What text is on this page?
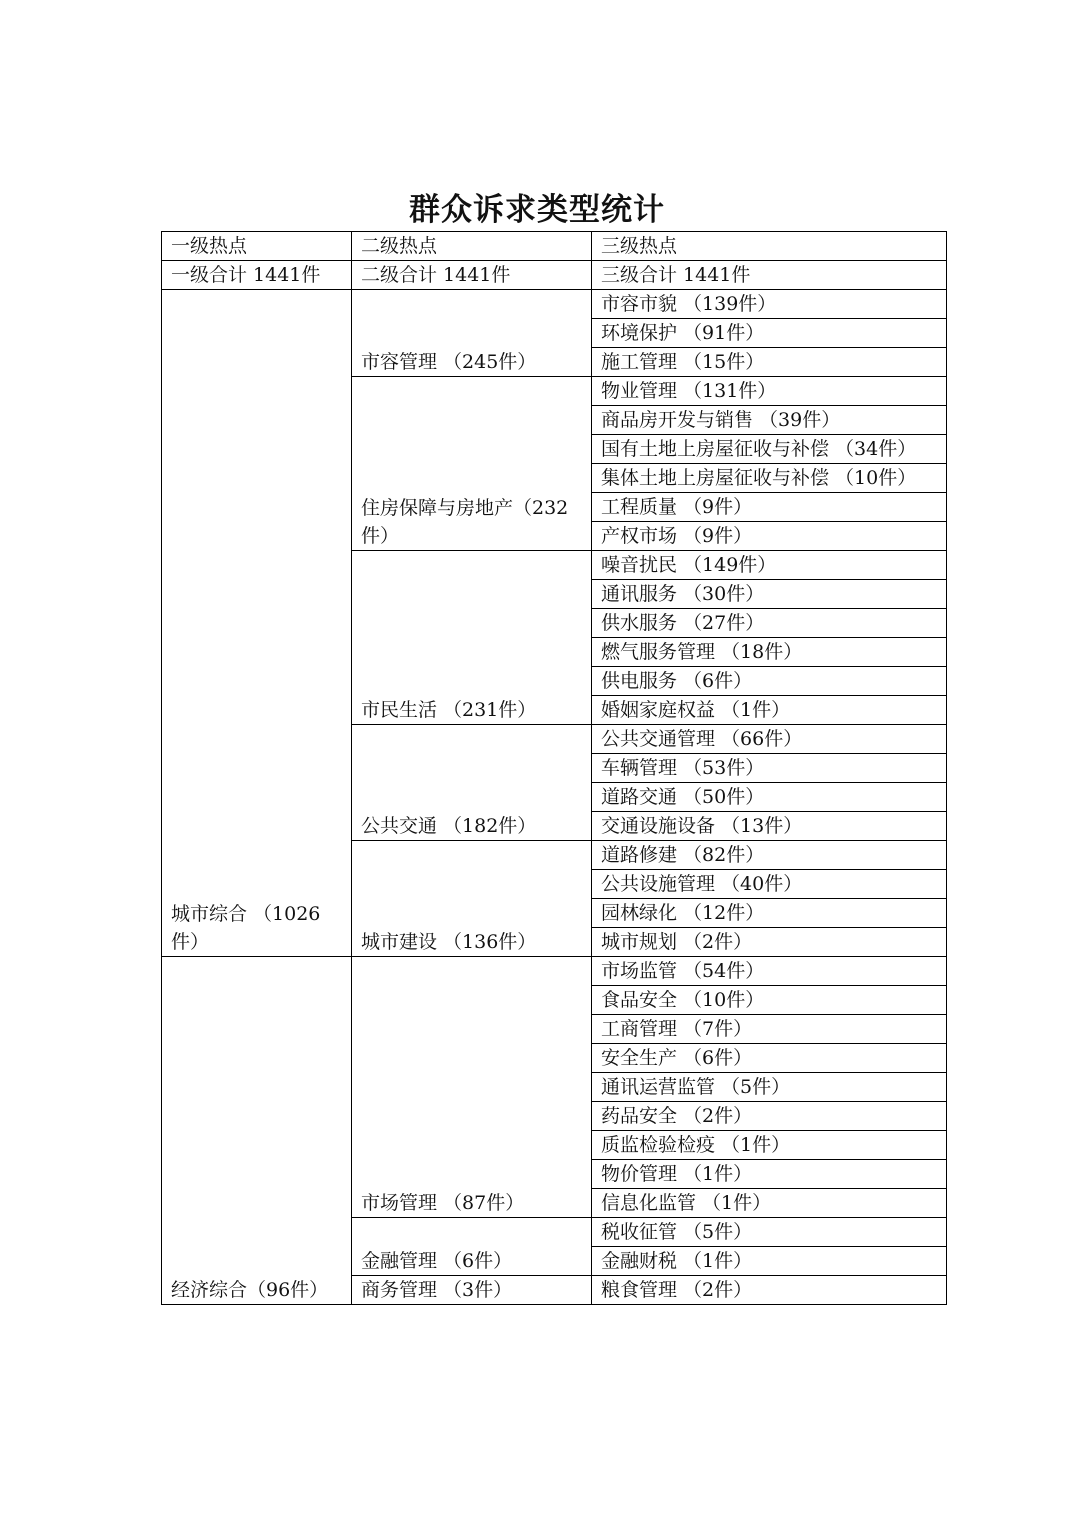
群众诉求类型统计
一级热点	二级热点	三级热点
一级合计 1441件	二级合计 1441件	三级合计 1441件
城市综合 （1026件）	市容管理 （245件）	市容市貌 （139件）
		环境保护 （91件）
		施工管理 （15件）
	住房保障与房地产（232件）	物业管理 （131件）
		商品房开发与销售 （39件）
		国有土地上房屋征收与补偿 （34件）
		集体土地上房屋征收与补偿 （10件）
		工程质量 （9件）
		产权市场 （9件）
	市民生活 （231件）	噪音扰民 （149件）
		通讯服务 （30件）
		供水服务 （27件）
		燃气服务管理 （18件）
		供电服务 （6件）
		婚姻家庭权益 （1件）
	公共交通 （182件）	公共交通管理 （66件）
		车辆管理 （53件）
		道路交通 （50件）
		交通设施设备 （13件）
	城市建设 （136件）	道路修建 （82件）
		公共设施管理 （40件）
		园林绿化 （12件）
		城市规划 （2件）
经济综合（96件）	市场管理 （87件）	市场监管 （54件）
		食品安全 （10件）
		工商管理 （7件）
		安全生产 （6件）
		通讯运营监管 （5件）
		药品安全 （2件）
		质监检验检疫 （1件）
		物价管理 （1件）
		信息化监管 （1件）
	金融管理 （6件）	税收征管 （5件）
		金融财税 （1件）
	商务管理 （3件）	粮食管理 （2件）
